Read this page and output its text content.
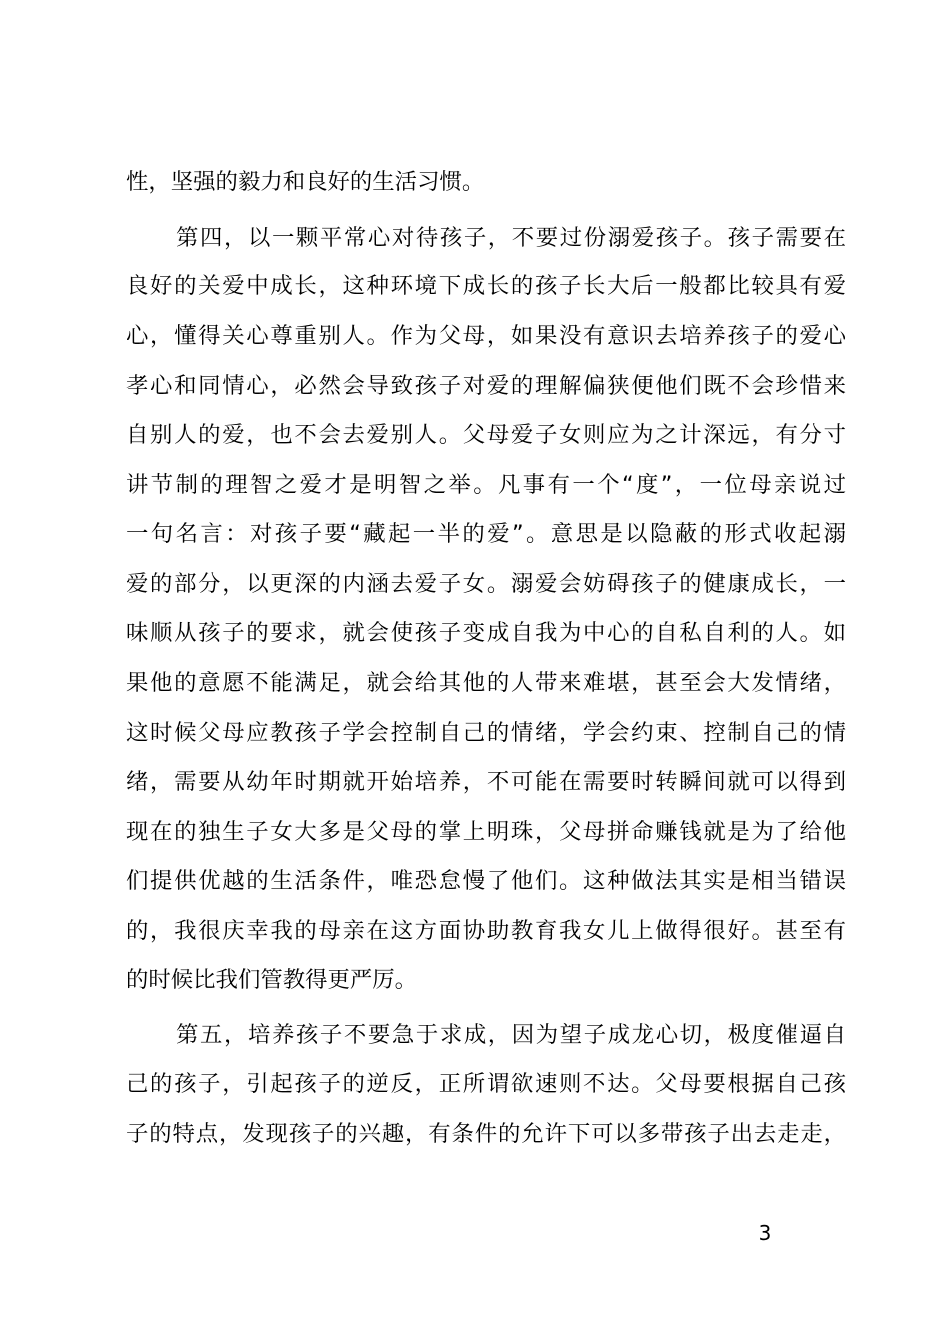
性，坚强的毅力和良好的生活习惯。
第四，以一颗平常心对待孩子，不要过份溺爱孩子。孩子需要在
良好的关爱中成长，这种环境下成长的孩子长大后一般都比较具有爱
心，懂得关心尊重别人。作为父母，如果没有意识去培养孩子的爱心
孝心和同情心，必然会导致孩子对爱的理解偏狭便他们既不会珍惜来
自别人的爱，也不会去爱别人。父母爱子女则应为之计深远，有分寸
讲节制的理智之爱才是明智之举。凡事有一个“度”，一位母亲说过
一句名言：对孩子要“藏起一半的爱”。意思是以隐蔽的形式收起溺
爱的部分，以更深的内涵去爱子女。溺爱会妨碍孩子的健康成长，一
味顺从孩子的要求，就会使孩子变成自我为中心的自私自利的人。如
果他的意愿不能满足，就会给其他的人带来难堪，甚至会大发情绪，
这时候父母应教孩子学会控制自己的情绪，学会约束、控制自己的情
绪，需要从幼年时期就开始培养，不可能在需要时转瞬间就可以得到
现在的独生子女大多是父母的掌上明珠，父母拼命赚钱就是为了给他
们提供优越的生活条件，唯恐怠慢了他们。这种做法其实是相当错误
的，我很庆幸我的母亲在这方面协助教育我女儿上做得很好。甚至有
的时候比我们管教得更严厉。
第五，培养孩子不要急于求成，因为望子成龙心切，极度催逼自
己的孩子，引起孩子的逆反，正所谓欲速则不达。父母要根据自己孩
子的特点，发现孩子的兴趣，有条件的允许下可以多带孩子出去走走，
3
